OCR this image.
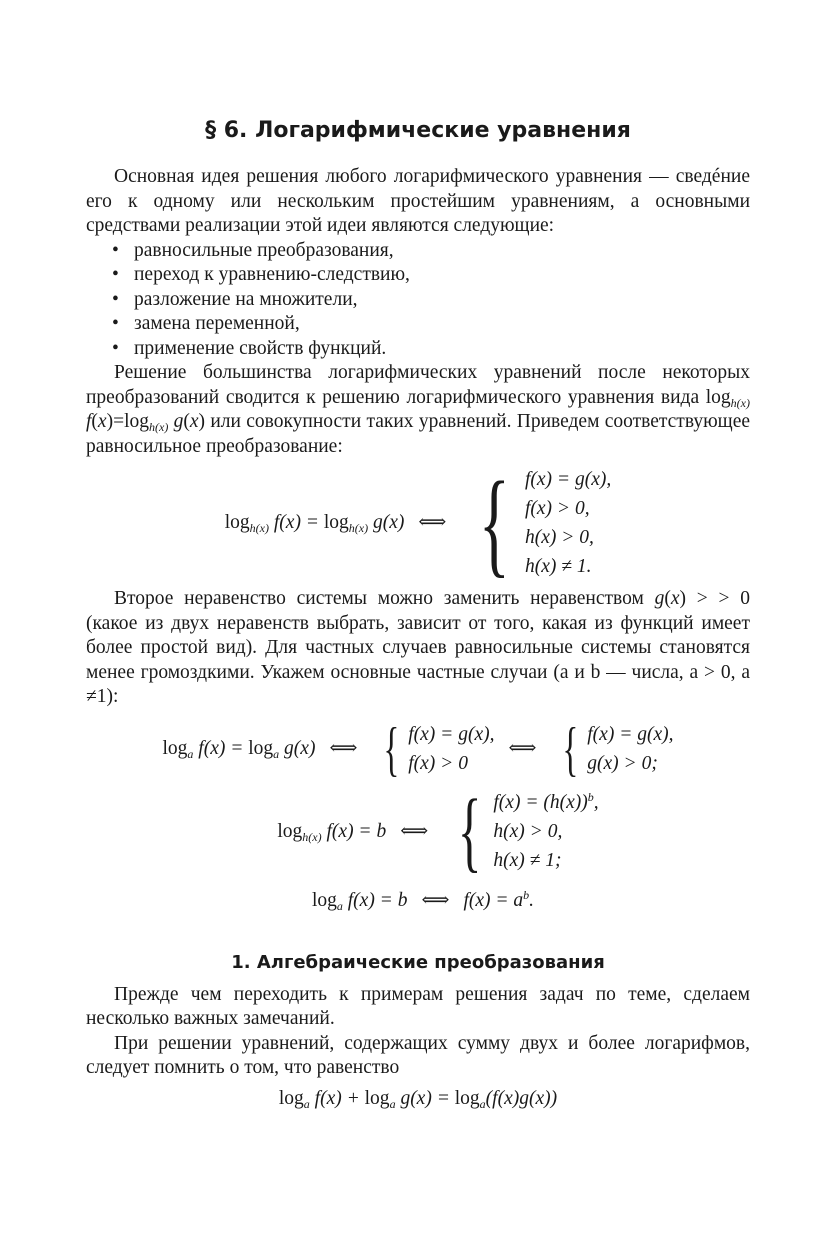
§ 6. Логарифмические уравнения

Основная идея решения любого логарифмического уравнения — сведéние его к одному или нескольким простейшим уравнениям, а основными средствами реализации этой идеи являются следующие:

• равносильные преобразования,
• переход к уравнению-следствию,
• разложение на множители,
• замена переменной,
• применение свойств функций.

Решение большинства логарифмических уравнений после некоторых преобразований сводится к решению логарифмического уравнения вида $\log_{h(x)} f(x)=\log_{h(x)}$ g(x) или совокупности таких уравнений. Приведем соответствующее равносильное преобразование:

$\log_{h(x)} f(x) = \log_{h(x)} g(x)$ ⟺ { f(x) = g(x),
f(x) > 0,
h(x) > 0,
h(x) ≠ 1.

Второе неравенство системы можно заменить неравенством g(x) > > 0 (какое из двух неравенств выбрать, зависит от того, какая из функций имеет более простой вид). Для частных случаев равносильные системы становятся менее громоздкими. Укажем основные частные случаи (a и b — числа, a > 0, a ≠1):

$\log_a f(x) = \log_a g(x)$ ⟺ { f(x) = g(x),
f(x) > 0
⟺ { f(x) = g(x),
g(x) > 0;
$\log_{h(x)} f(x) = b$ ⟺ { $f(x) = (h(x))^b$,
h(x) > 0,
h(x) ≠ 1;
$\log_a f(x) = b$ ⟺ $f(x) = a^b$.
1. Алгебраические преобразования

Прежде чем переходить к примерам решения задач по теме, сделаем несколько важных замечаний.

При решении уравнений, содержащих сумму двух и более логарифмов, следует помнить о том, что равенство

$\log_a f(x) + \log_a g(x) = \log_a(f(x)g(x))$
